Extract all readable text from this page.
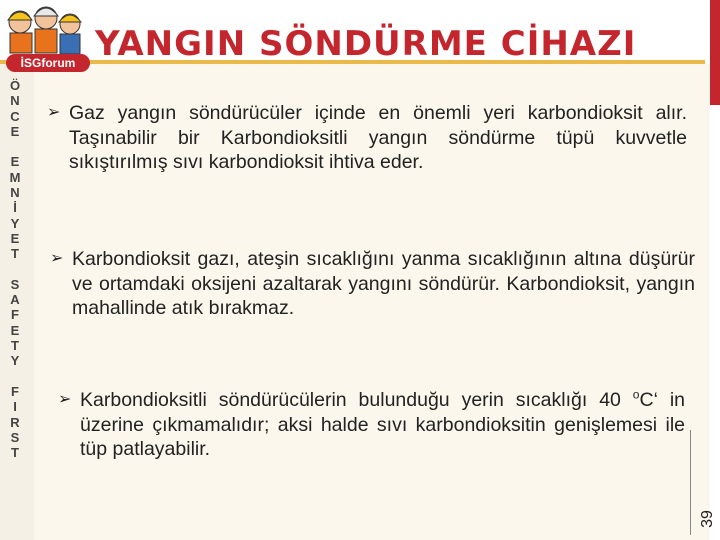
İSGforum YANGIN SÖNDÜRME CİHAZI
Ö
N
C
E

E
M
N
İ
Y
E
T

S
A
F
E
T
Y

F
I
R
S
T
➢ Gaz yangın söndürücüler içinde en önemli yeri karbondioksit alır. Taşınabilir bir Karbondioksitli yangın söndürme tüpü kuvvetle sıkıştırılmış sıvı karbondioksit ihtiva eder.
➢ Karbondioksit gazı, ateşin sıcaklığını yanma sıcaklığının altına düşürür ve ortamdaki oksijeni azaltarak yangını söndürür. Karbondioksit, yangın mahallinde atık bırakmaz.
➢ Karbondioksitli söndürücülerin bulunduğu yerin sıcaklığı 40 $^o$C‘ in üzerine çıkmamalıdır; aksi halde sıvı karbondioksitin genişlemesi ile tüp patlayabilir.
39
